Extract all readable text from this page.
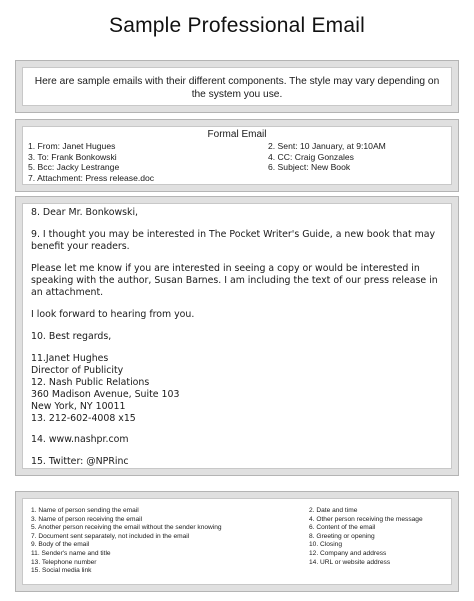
Sample Professional Email
Here are sample emails with their different components. The style may vary depending on the system you use.
Formal Email
1. From: Janet Hugues
3. To: Frank Bonkowski
5. Bcc: Jacky Lestrange
7. Attachment: Press release.doc
2. Sent: 10 January, at 9:10AM
4. CC: Craig Gonzales
6. Subject: New Book

8. Dear Mr. Bonkowski,

9. I thought you may be interested in The Pocket Writer's Guide, a new book that may benefit your readers.

Please let me know if you are interested in seeing a copy or would be interested in speaking with the author, Susan Barnes. I am including the text of our press release in an attachment.

I look forward to hearing from you.

10. Best regards,

11.Janet Hughes
Director of Publicity
12. Nash Public Relations
360 Madison Avenue, Suite 103
New York, NY 10011
13. 212-602-4008 x15

14. www.nashpr.com

15. Twitter: @NPRinc

1. Name of person sending the email
3. Name of person receiving the email
5. Another person receiving the email without the sender knowing
7. Document sent separately, not included in the email
9. Body of the email
11. Sender's name and title
13. Telephone number
15. Social media link
2. Date and time
4. Other person receiving the message
6. Content of the email
8. Greeting or opening
10. Closing
12. Company and address
14. URL or website address
